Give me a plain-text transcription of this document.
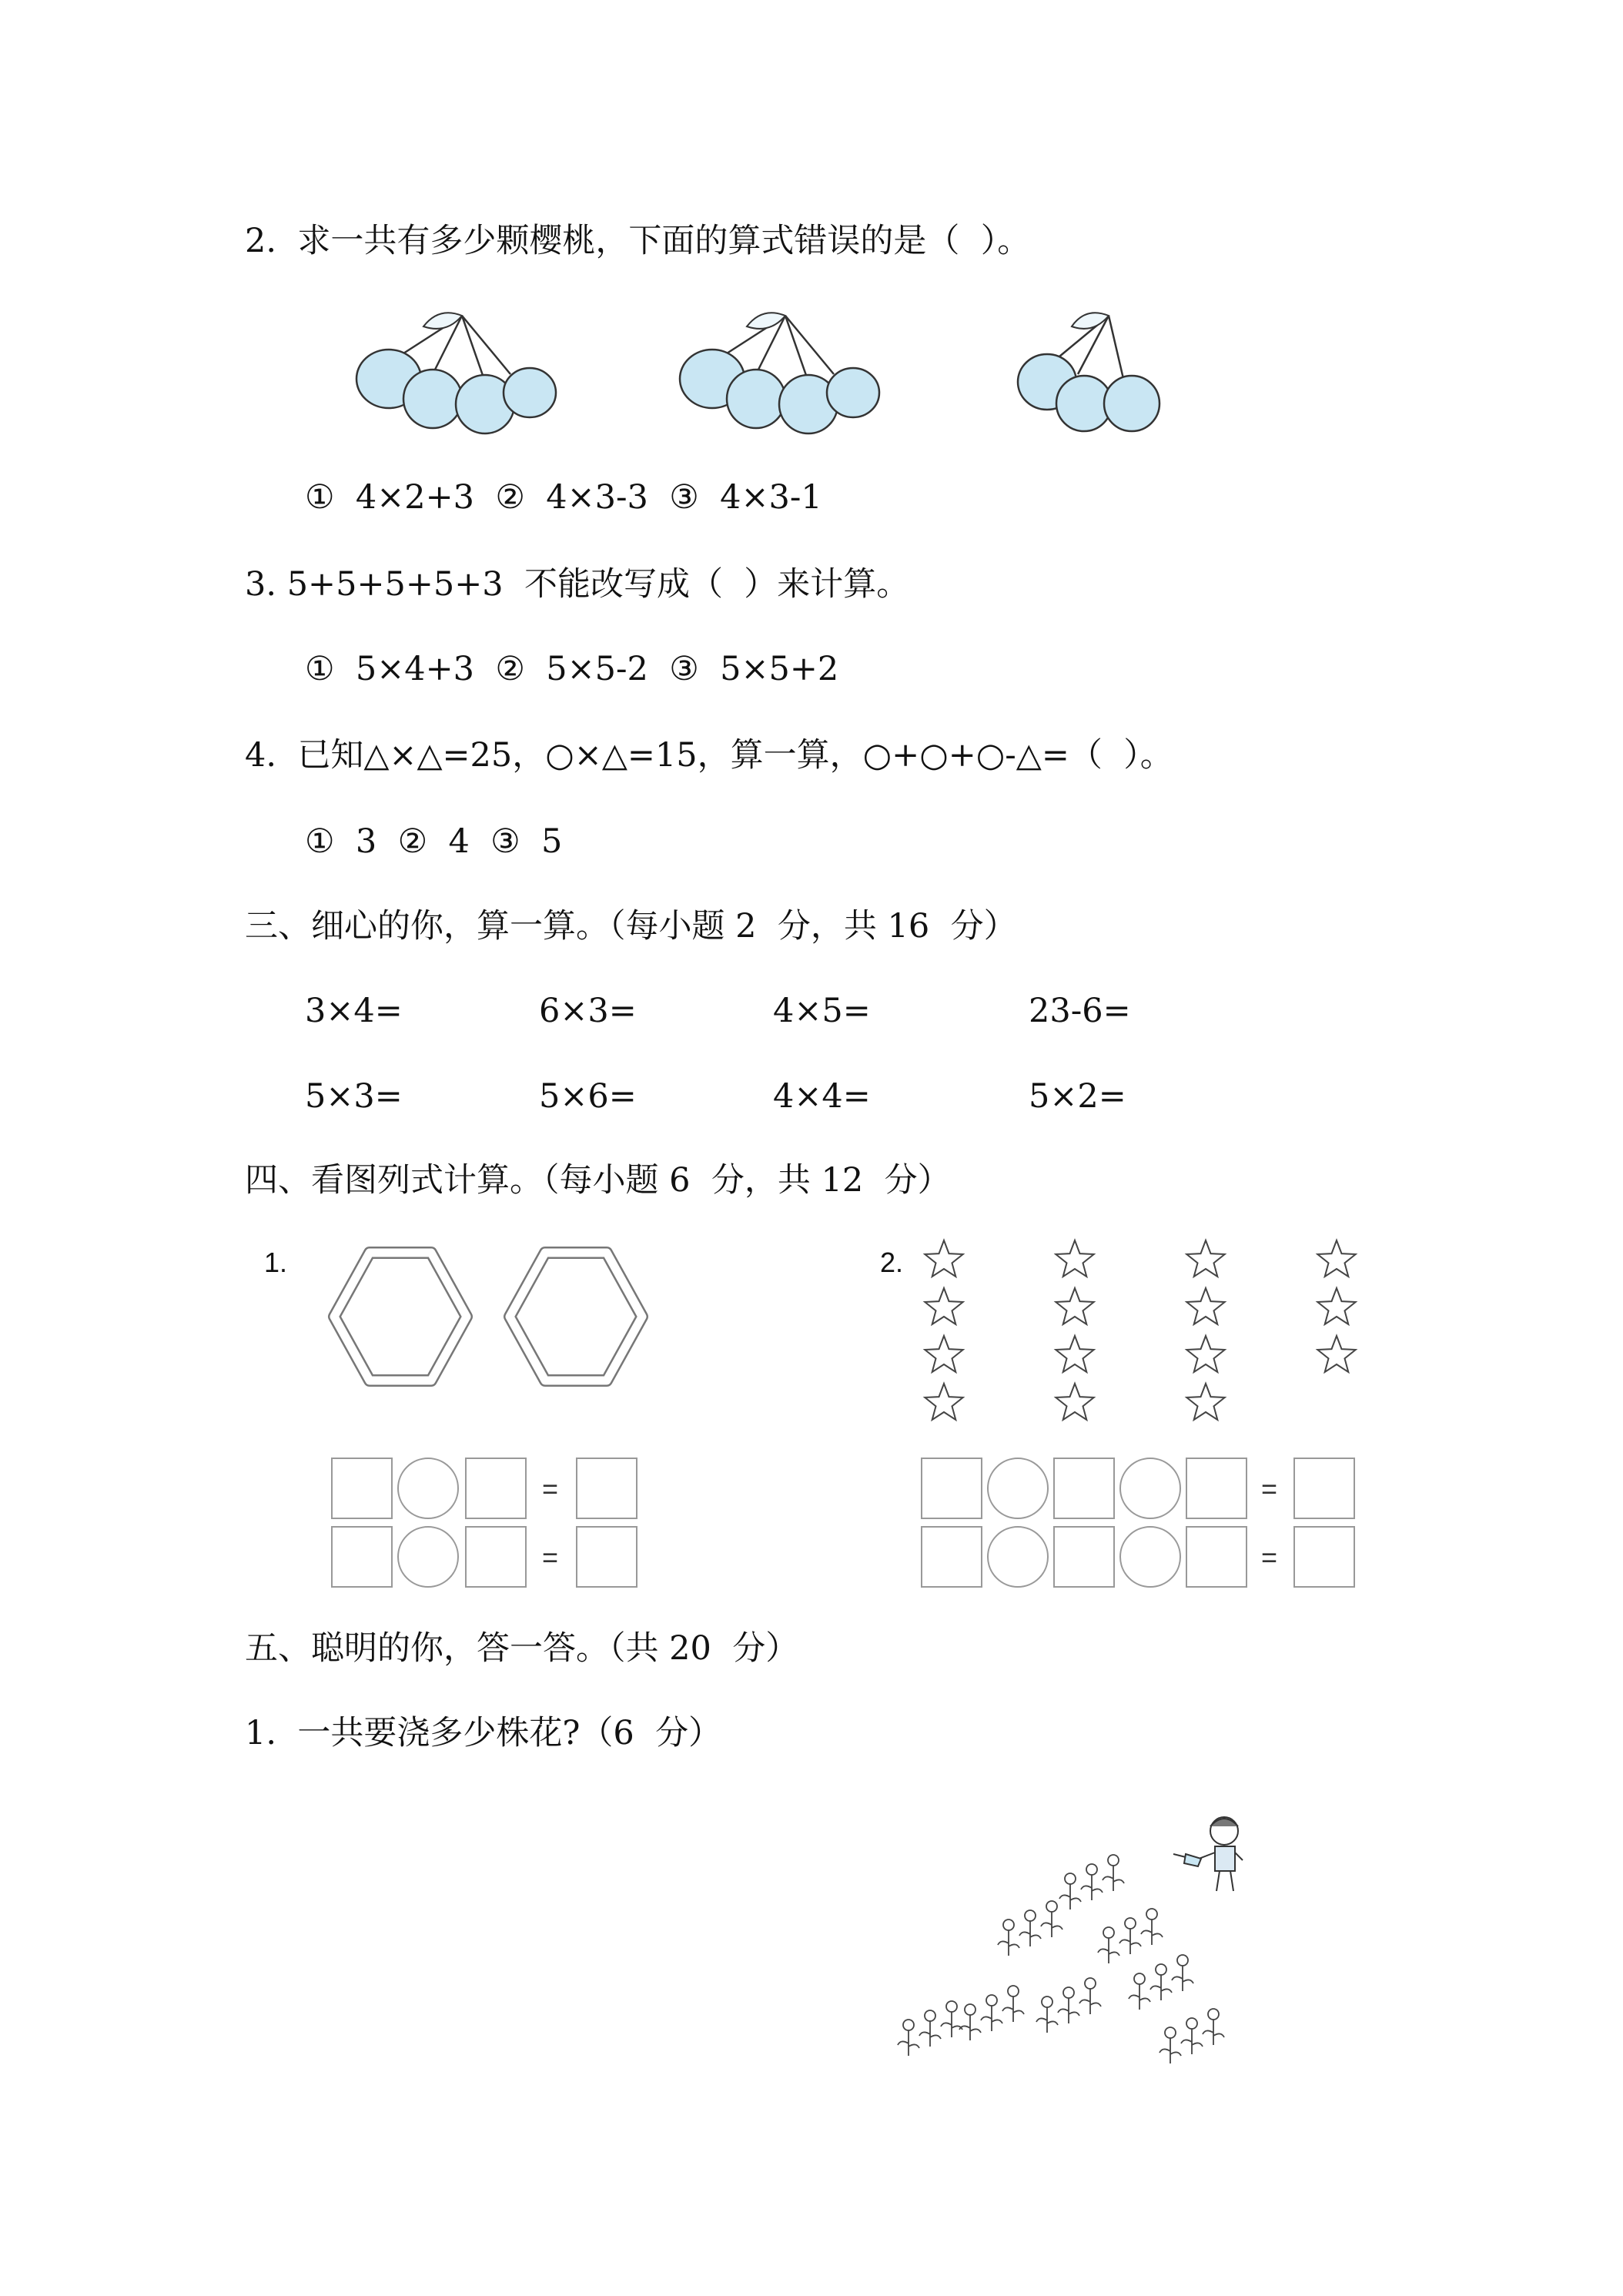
2.  求一共有多少颗樱桃，下面的算式错误的是（  ）。
①  4×2+3  ②  4×3-3  ③  4×3-1
3. 5+5+5+5+3  不能改写成（  ）来计算。
①  5×4+3  ②  5×5-2  ③  5×5+2
4.  已知△×△=25，○×△=15，算一算，○+○+○-△=（  ）。
①  3  ②  4  ③  5
三、细心的你，算一算。（每小题 2  分，共 16  分）
3×4=	6×3=	4×5=	23-6=
5×3=	5×6=	4×4=	5×2=
四、看图列式计算。（每小题 6  分，共 12  分）
1.
=
=
2.
=
=
五、聪明的你，答一答。（共 20  分）
1.  一共要浇多少株花?（6  分）
